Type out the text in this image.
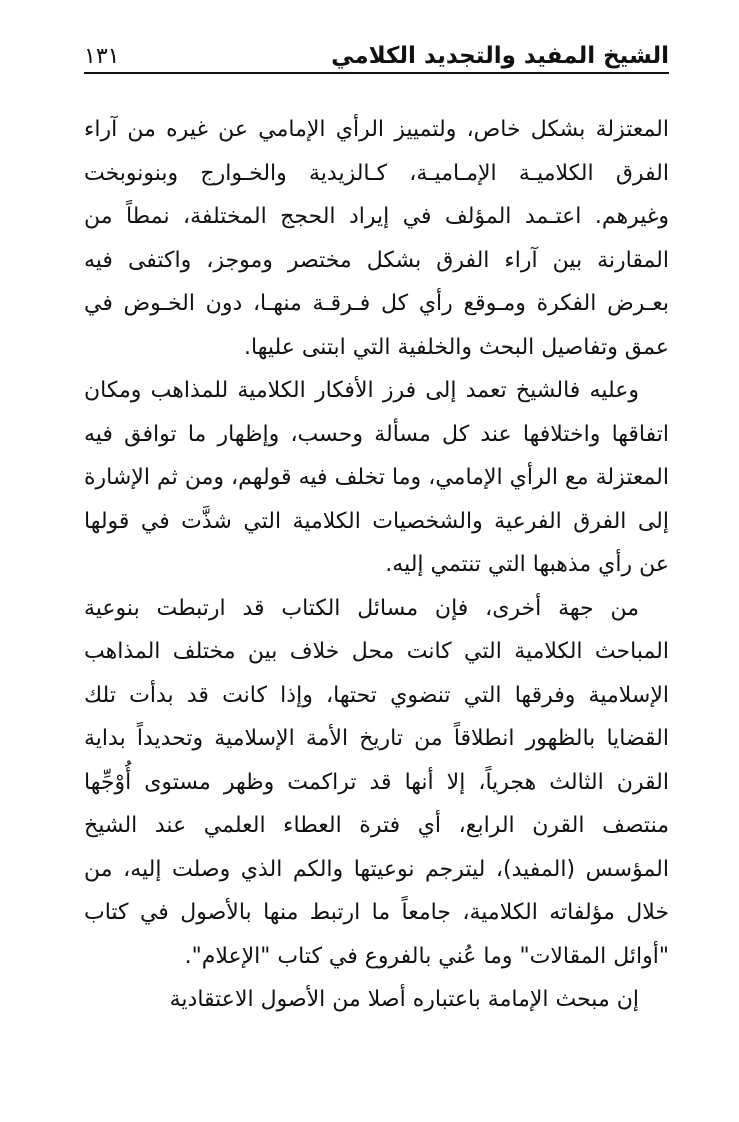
١٣١	الشيخ المفيد والتجديد الكلامي

المعتزلة بشكل خاص، ولتمييز الرأي الإمامي عن غيره من آراء الفرق الكلاميـة الإمـاميـة، كـالزيدية والخـوارج وبنونوبخت وغيرهم. اعتـمد المؤلف في إيراد الحجج المختلفة، نمطاً من المقارنة بين آراء الفرق بشكل مختصر وموجز، واكتفى فيه بعـرض الفكرة ومـوقع رأي كل فـرقـة منهـا، دون الخـوض في عمق وتفاصيل البحث والخلفية التي ابتنى عليها.

وعليه فالشيخ تعمد إلى فرز الأفكار الكلامية للمذاهب ومكان اتفاقها واختلافها عند كل مسألة وحسب، وإظهار ما توافق فيه المعتزلة مع الرأي الإمامي، وما تخلف فيه قولهم، ومن ثم الإشارة إلى الفرق الفرعية والشخصيات الكلامية التي شذَّت في قولها عن رأي مذهبها التي تنتمي إليه.

من جهة أخرى، فإن مسائل الكتاب قد ارتبطت بنوعية المباحث الكلامية التي كانت محل خلاف بين مختلف المذاهب الإسلامية وفرقها التي تنضوي تحتها، وإذا كانت قد بدأت تلك القضايا بالظهور انطلاقاً من تاريخ الأمة الإسلامية وتحديداً بداية القرن الثالث هجرياً، إلا أنها قد تراكمت وظهر مستوى أُوْجِّها منتصف القرن الرابع، أي فترة العطاء العلمي عند الشيخ المؤسس (المفيد)، ليترجم نوعيتها والكم الذي وصلت إليه، من خلال مؤلفاته الكلامية، جامعاً ما ارتبط منها بالأصول في كتاب "أوائل المقالات" وما عُني بالفروع في كتاب "الإعلام".

إن مبحث الإمامة باعتباره أصلا من الأصول الاعتقادية
